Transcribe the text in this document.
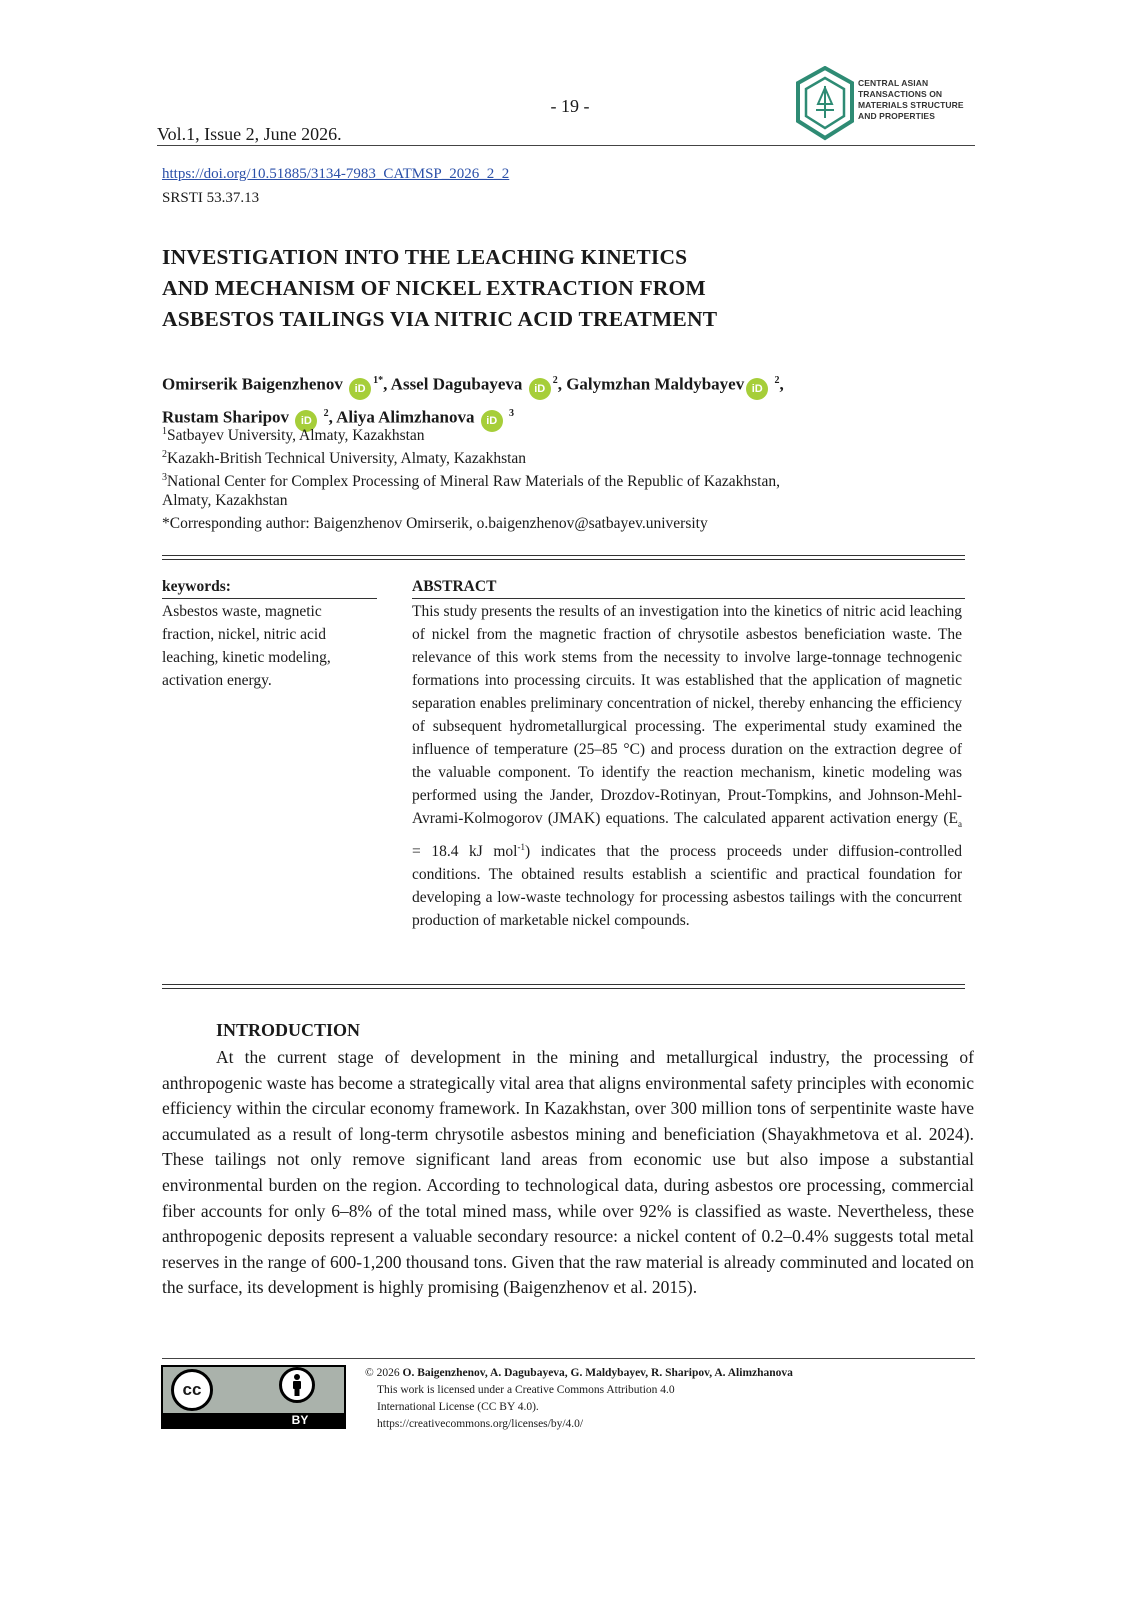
- 19 -
Vol.1, Issue 2, June 2026.
CENTRAL ASIAN
TRANSACTIONS ON
MATERIALS STRUCTURE
AND PROPERTIES
https://doi.org/10.51885/3134-7983_CATMSP_2026_2_2
SRSTI 53.37.13
INVESTIGATION INTO THE LEACHING KINETICS
AND MECHANISM OF NICKEL EXTRACTION FROM
ASBESTOS TAILINGS VIA NITRIC ACID TREATMENT
Omirserik Baigenzhenov $iD^{1*}$, Assel Dagubayeva $iD^2$, Galymzhan Maldybayev iD $^2$,
Rustam Sharipov iD $^2$, Aliya Alimzhanova iD $^3$
$^1$Satbayev University, Almaty, Kazakhstan
$^2$Kazakh-British Technical University, Almaty, Kazakhstan
$^3$National Center for Complex Processing of Mineral Raw Materials of the Republic of Kazakhstan,
Almaty, Kazakhstan
*Corresponding author: Baigenzhenov Omirserik, o.baigenzhenov@satbayev.university
keywords:
Asbestos waste, magnetic fraction, nickel, nitric acid leaching, kinetic modeling, activation energy.
ABSTRACT
This study presents the results of an investigation into the kinetics of nitric acid leaching of nickel from the magnetic fraction of chrysotile asbestos beneficiation waste. The relevance of this work stems from the necessity to involve large-tonnage technogenic formations into processing circuits. It was established that the application of magnetic separation enables preliminary concentration of nickel, thereby enhancing the efficiency of subsequent hydrometallurgical processing. The experimental study examined the influence of temperature (25–85 °C) and process duration on the extraction degree of the valuable component. To identify the reaction mechanism, kinetic modeling was performed using the Jander, Drozdov-Rotinyan, Prout-Tompkins, and Johnson-Mehl-Avrami-Kolmogorov (JMAK) equations. The calculated apparent activation energy ($E_a = 18.4$ kJ mol$^{-1}$) indicates that the process proceeds under diffusion-controlled conditions. The obtained results establish a scientific and practical foundation for developing a low-waste technology for processing asbestos tailings with the concurrent production of marketable nickel compounds.
INTRODUCTION
At the current stage of development in the mining and metallurgical industry, the processing of anthropogenic waste has become a strategically vital area that aligns environmental safety principles with economic efficiency within the circular economy framework. In Kazakhstan, over 300 million tons of serpentinite waste have accumulated as a result of long-term chrysotile asbestos mining and beneficiation (Shayakhmetova et al. 2024). These tailings not only remove significant land areas from economic use but also impose a substantial environmental burden on the region. According to technological data, during asbestos ore processing, commercial fiber accounts for only 6–8% of the total mined mass, while over 92% is classified as waste. Nevertheless, these anthropogenic deposits represent a valuable secondary resource: a nickel content of 0.2–0.4% suggests total metal reserves in the range of 600-1,200 thousand tons. Given that the raw material is already comminuted and located on the surface, its development is highly promising (Baigenzhenov et al. 2015).
cc
BY
© 2026 O. Baigenzhenov, A. Dagubayeva, G. Maldybayev, R. Sharipov, A. Alimzhanova
This work is licensed under a Creative Commons Attribution 4.0
International License (CC BY 4.0).
https://creativecommons.org/licenses/by/4.0/
